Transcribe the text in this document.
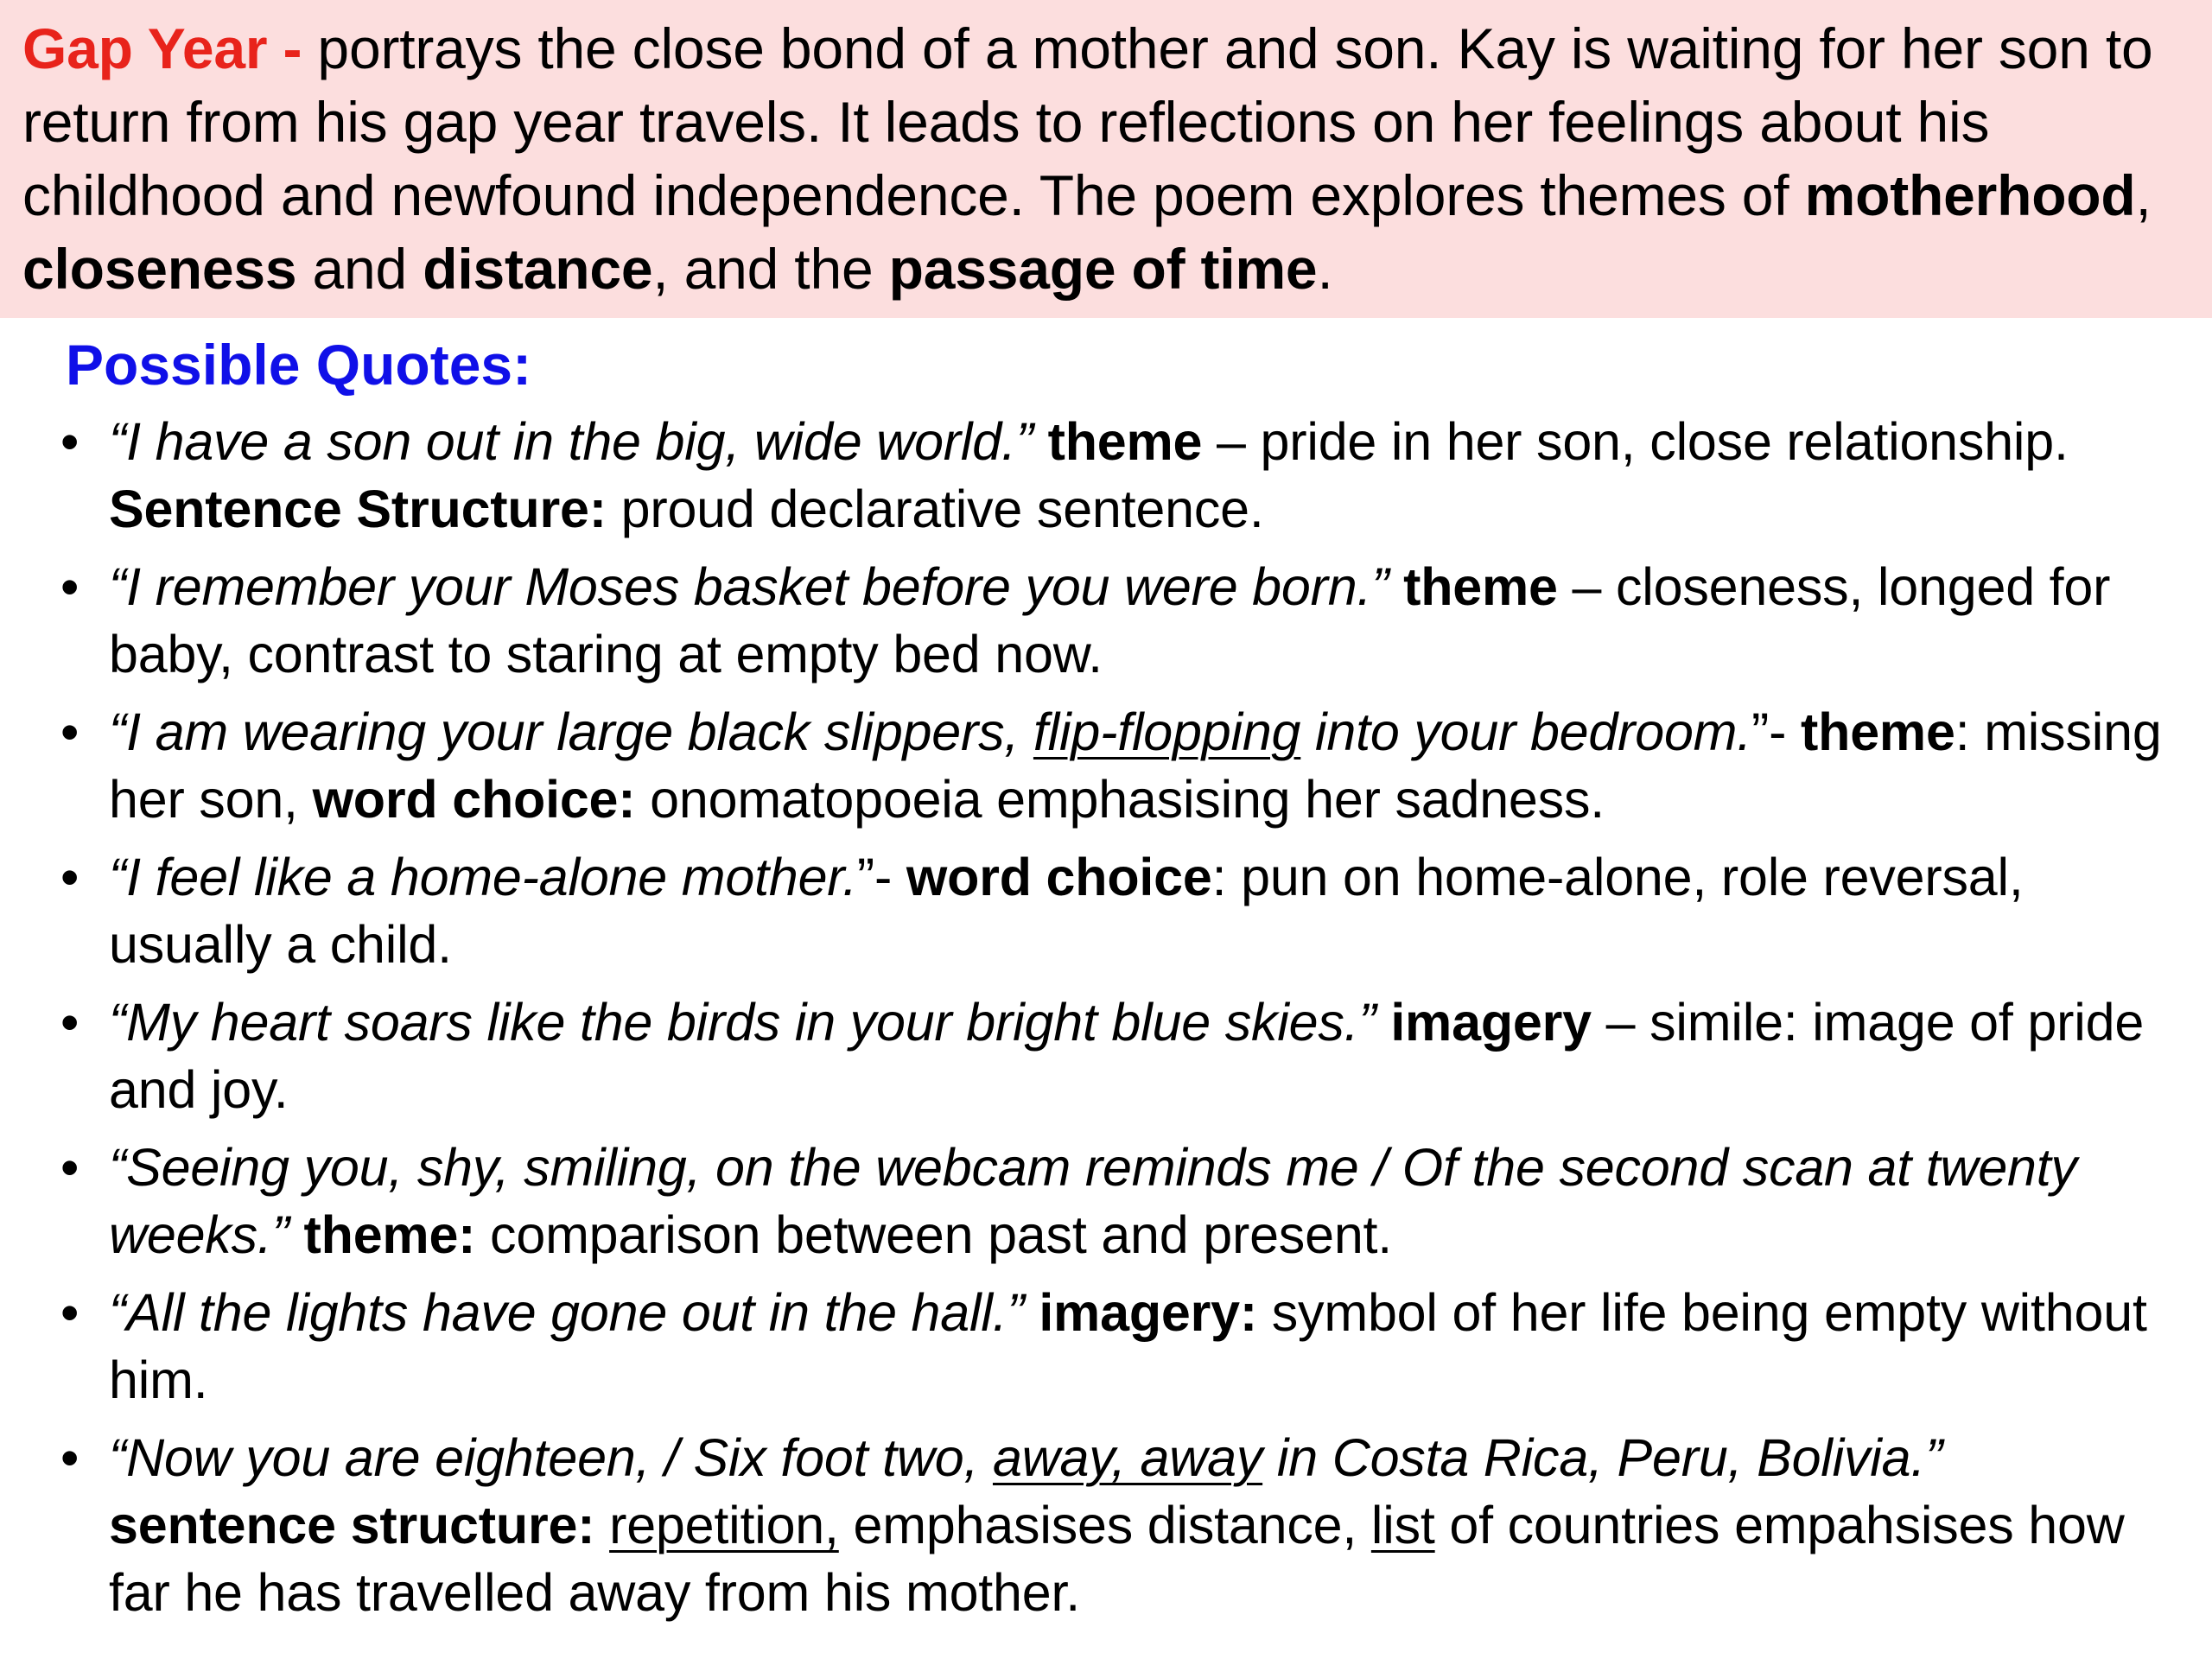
Gap Year - portrays the close bond of a mother and son. Kay is waiting for her son to return from his gap year travels. It leads to reflections on her feelings about his childhood and newfound independence. The poem explores themes of motherhood, closeness and distance, and the passage of time.
Possible Quotes:
• “I have a son out in the big, wide world.” theme – pride in her son, close relationship. Sentence Structure: proud declarative sentence.
• “I remember your Moses basket before you were born.” theme – closeness, longed for baby, contrast to staring at empty bed now.
• “I am wearing your large black slippers, flip-flopping into your bedroom.”- theme: missing her son, word choice: onomatopoeia emphasising her sadness.
• “I feel like a home-alone mother.”- word choice: pun on home-alone, role reversal, usually a child.
• “My heart soars like the birds in your bright blue skies.” imagery – simile: image of pride and joy.
• “Seeing you, shy, smiling, on the webcam reminds me / Of the second scan at twenty weeks.” theme: comparison between past and present.
• “All the lights have gone out in the hall.” imagery: symbol of her life being empty without him.
• “Now you are eighteen, / Six foot two, away, away in Costa Rica, Peru, Bolivia.” sentence structure: repetition, emphasises distance, list of countries empahsises how far he has travelled away from his mother.
